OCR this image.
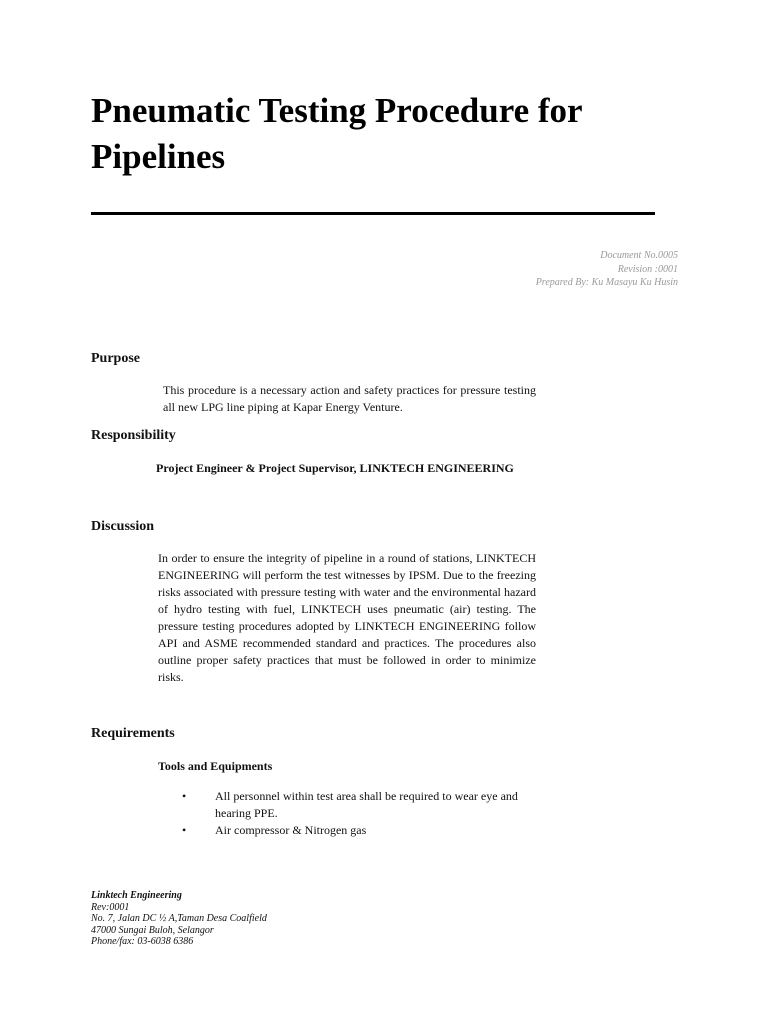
Pneumatic Testing Procedure for
Pipelines
Document No.0005
Revision :0001
Prepared By: Ku Masayu Ku Husin
Purpose

This procedure is a necessary action and safety practices for pressure testing all new LPG line piping at Kapar Energy Venture.

Responsibility

Project Engineer & Project Supervisor, LINKTECH ENGINEERING

Discussion

In order to ensure the integrity of pipeline in a round of stations, LINKTECH ENGINEERING will perform the test witnesses by IPSM. Due to the freezing risks associated with pressure testing with water and the environmental hazard of hydro testing with fuel, LINKTECH uses pneumatic (air) testing. The pressure testing procedures adopted by LINKTECH ENGINEERING follow API and ASME recommended standard and practices. The procedures also outline proper safety practices that must be followed in order to minimize risks.

Requirements

Tools and Equipments

• All personnel within test area shall be required to wear eye and hearing PPE.
• Air compressor & Nitrogen gas
Linktech Engineering
Rev:0001
No. 7, Jalan DC ½ A,Taman Desa Coalfield
47000 Sungai Buloh, Selangor
Phone/fax: 03-6038 6386
